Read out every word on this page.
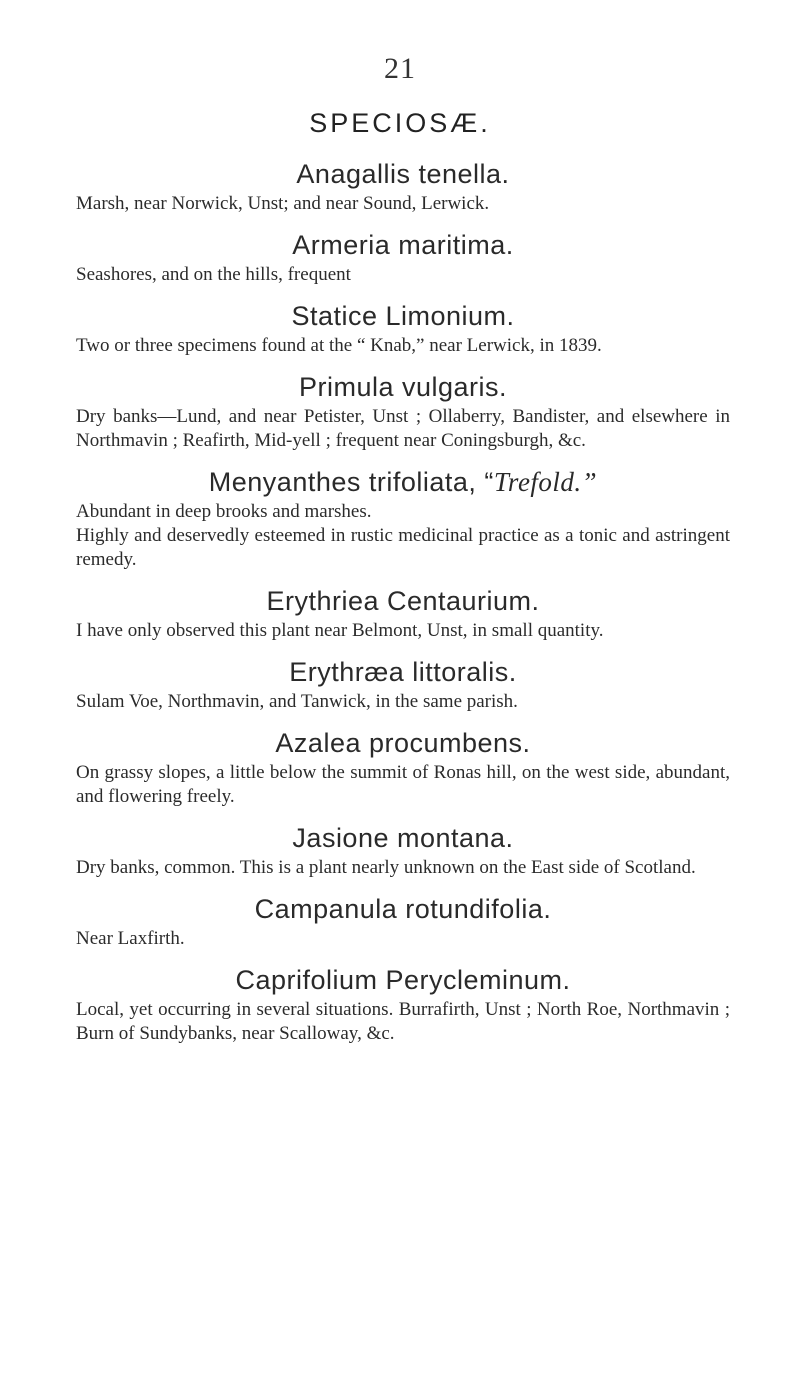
21
SPECIOSÆ.
Anagallis tenella.

Marsh, near Norwick, Unst; and near Sound, Lerwick.

Armeria maritima.

Seashores, and on the hills, frequent

Statice Limonium.

Two or three specimens found at the “ Knab,” near Lerwick, in 1839.

Primula vulgaris.

Dry banks—Lund, and near Petister, Unst ; Ollaberry, Bandister, and elsewhere in Northmavin ; Reafirth, Mid-yell ; frequent near Coningsburgh, &c.

Menyanthes trifoliata, “Trefold.”

Abundant in deep brooks and marshes.

Highly and deservedly esteemed in rustic medicinal practice as a tonic and astringent remedy.

Erythriea Centaurium.

I have only observed this plant near Belmont, Unst, in small quantity.

Erythræa littoralis.

Sulam Voe, Northmavin, and Tanwick, in the same parish.

Azalea procumbens.

On grassy slopes, a little below the summit of Ronas hill, on the west side, abundant, and flowering freely.

Jasione montana.

Dry banks, common. This is a plant nearly unknown on the East side of Scotland.

Campanula rotundifolia.

Near Laxfirth.

Caprifolium Perycleminum.

Local, yet occurring in several situations. Burrafirth, Unst ; North Roe, Northmavin ; Burn of Sundybanks, near Scalloway, &c.
